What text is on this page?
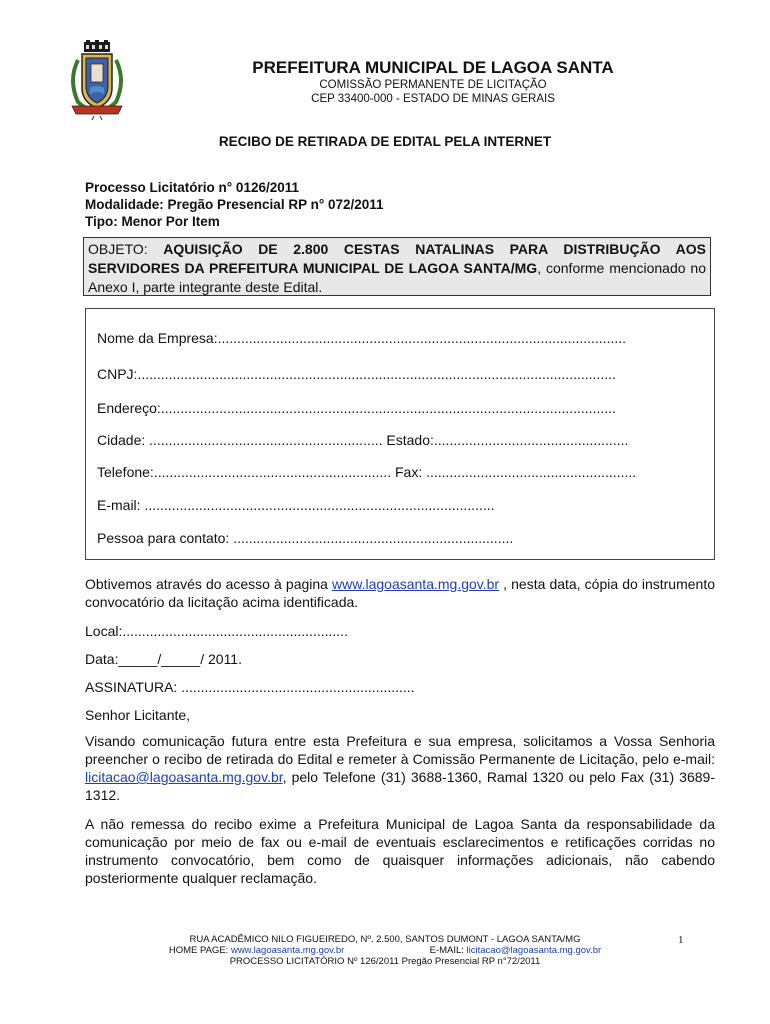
PREFEITURA MUNICIPAL DE LAGOA SANTA
COMISSÃO PERMANENTE DE LICITAÇÃO
CEP 33400-000 - ESTADO DE MINAS GERAIS
RECIBO DE RETIRADA DE EDITAL PELA INTERNET
Processo Licitatório n° 0126/2011
Modalidade: Pregão Presencial RP n° 072/2011
Tipo: Menor Por Item
OBJETO: AQUISIÇÃO DE 2.800 CESTAS NATALINAS PARA DISTRIBUÇÃO AOS SERVIDORES DA PREFEITURA MUNICIPAL DE LAGOA SANTA/MG, conforme mencionado no Anexo I, parte integrante deste Edital.
Nome da Empresa:.........................................................................................................
CNPJ:...........................................................................................................................
Endereço:.....................................................................................................................
Cidade: ............................................................ Estado:..................................................
Telefone:............................................................. Fax: ......................................................
E-mail: ..........................................................................................
Pessoa para contato: ........................................................................
Obtivemos através do acesso à pagina www.lagoasanta.mg.gov.br , nesta data, cópia do instrumento convocatório da licitação acima identificada.
Local:..........................................................
Data:_____/_____/ 2011.
ASSINATURA: ............................................................
Senhor Licitante,
Visando comunicação futura entre esta Prefeitura e sua empresa, solicitamos a Vossa Senhoria preencher o recibo de retirada do Edital e remeter à Comissão Permanente de Licitação, pelo e-mail: licitacao@lagoasanta.mg.gov.br, pelo Telefone (31) 3688-1360, Ramal 1320 ou pelo Fax (31) 3689-1312.
A não remessa do recibo exime a Prefeitura Municipal de Lagoa Santa da responsabilidade da comunicação por meio de fax ou e-mail de eventuais esclarecimentos e retificações corridas no instrumento convocatório, bem como de quaisquer informações adicionais, não cabendo posteriormente qualquer reclamação.
RUA ACADÊMICO NILO FIGUEIREDO, Nº. 2.500, SANTOS DUMONT - LAGOA SANTA/MG
HOME PAGE: www.lagoasanta.mg.gov.br	E-MAIL: licitacao@lagoasanta.mg.gov.br
PROCESSO LICITATÓRIO Nº 126/2011 Pregão Presencial RP n°72/2011
1
